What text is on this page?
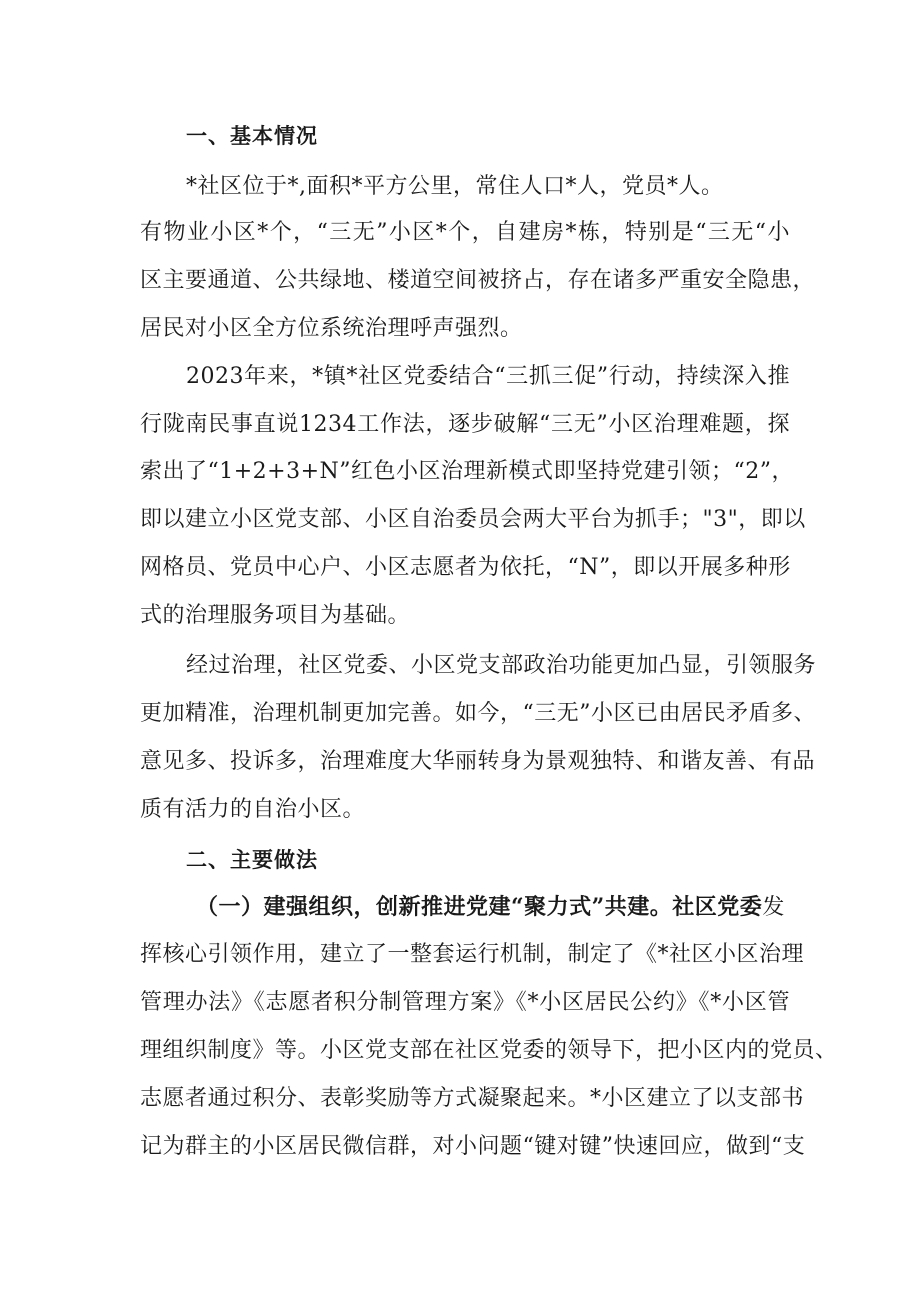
一、基本情况
*社区位于*,面积*平方公里，常住人口*人，党员*人。
有物业小区*个，“三无”小区*个，自建房*栋，特别是“三无“小
区主要通道、公共绿地、楼道空间被挤占，存在诸多严重安全隐患，
居民对小区全方位系统治理呼声强烈。
2023年来，*镇*社区党委结合“三抓三促”行动，持续深入推
行陇南民事直说1234工作法，逐步破解“三无”小区治理难题，探
索出了“1+2+3+N”红色小区治理新模式即坚持党建引领；“2”，
即以建立小区党支部、小区自治委员会两大平台为抓手；"3"，即以
网格员、党员中心户、小区志愿者为依托，“N”，即以开展多种形
式的治理服务项目为基础。
经过治理，社区党委、小区党支部政治功能更加凸显，引领服务
更加精准，治理机制更加完善。如今，“三无”小区已由居民矛盾多、
意见多、投诉多，治理难度大华丽转身为景观独特、和谐友善、有品
质有活力的自治小区。
二、主要做法
（一）建强组织，创新推进党建“聚力式”共建。社区党委发
挥核心引领作用，建立了一整套运行机制，制定了《*社区小区治理
管理办法》《志愿者积分制管理方案》《*小区居民公约》《*小区管
理组织制度》等。小区党支部在社区党委的领导下，把小区内的党员、
志愿者通过积分、表彰奖励等方式凝聚起来。*小区建立了以支部书
记为群主的小区居民微信群，对小问题“键对键”快速回应，做到“支
